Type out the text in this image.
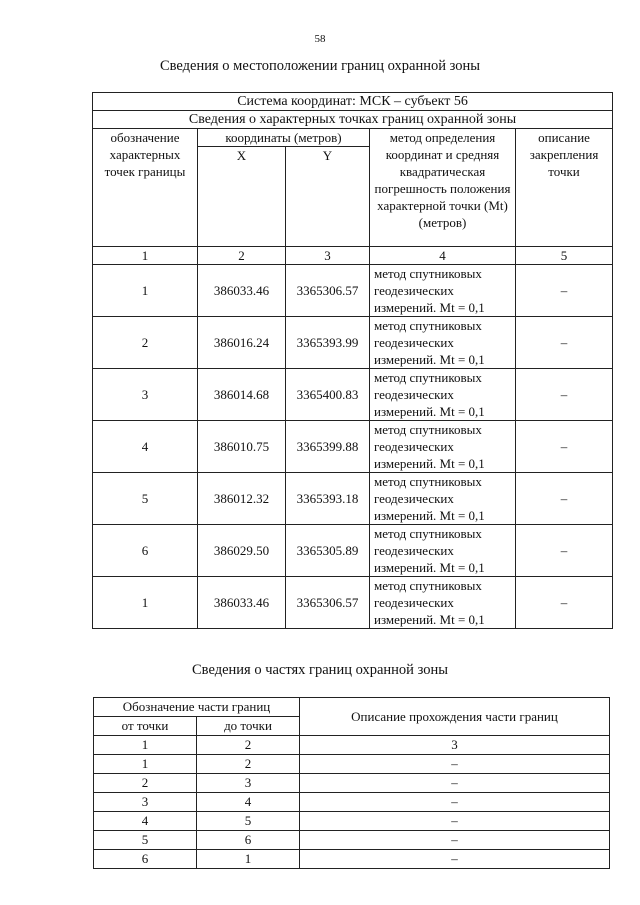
58
Сведения о местоположении границ охранной зоны
Система координат: МСК – субъект 56				
Сведения о характерных точках границ охранной зоны				
обозначение характерных точек границы	координаты (метров)		метод определения координат и средняя квадратическая погрешность положения характерной точки (Mt) (метров)	описание закрепления точки
	X	Y		
1	2	3	4	5
1	386033.46	3365306.57	метод спутниковых геодезических измерений. Mt = 0,1	–
2	386016.24	3365393.99	метод спутниковых геодезических измерений. Mt = 0,1	–
3	386014.68	3365400.83	метод спутниковых геодезических измерений. Mt = 0,1	–
4	386010.75	3365399.88	метод спутниковых геодезических измерений. Mt = 0,1	–
5	386012.32	3365393.18	метод спутниковых геодезических измерений. Mt = 0,1	–
6	386029.50	3365305.89	метод спутниковых геодезических измерений. Mt = 0,1	–
1	386033.46	3365306.57	метод спутниковых геодезических измерений. Mt = 0,1	–
Сведения о частях границ охранной зоны
Обозначение части границ		Описание прохождения части границ
от точки	до точки	
1	2	3
1	2	–
2	3	–
3	4	–
4	5	–
5	6	–
6	1	–
